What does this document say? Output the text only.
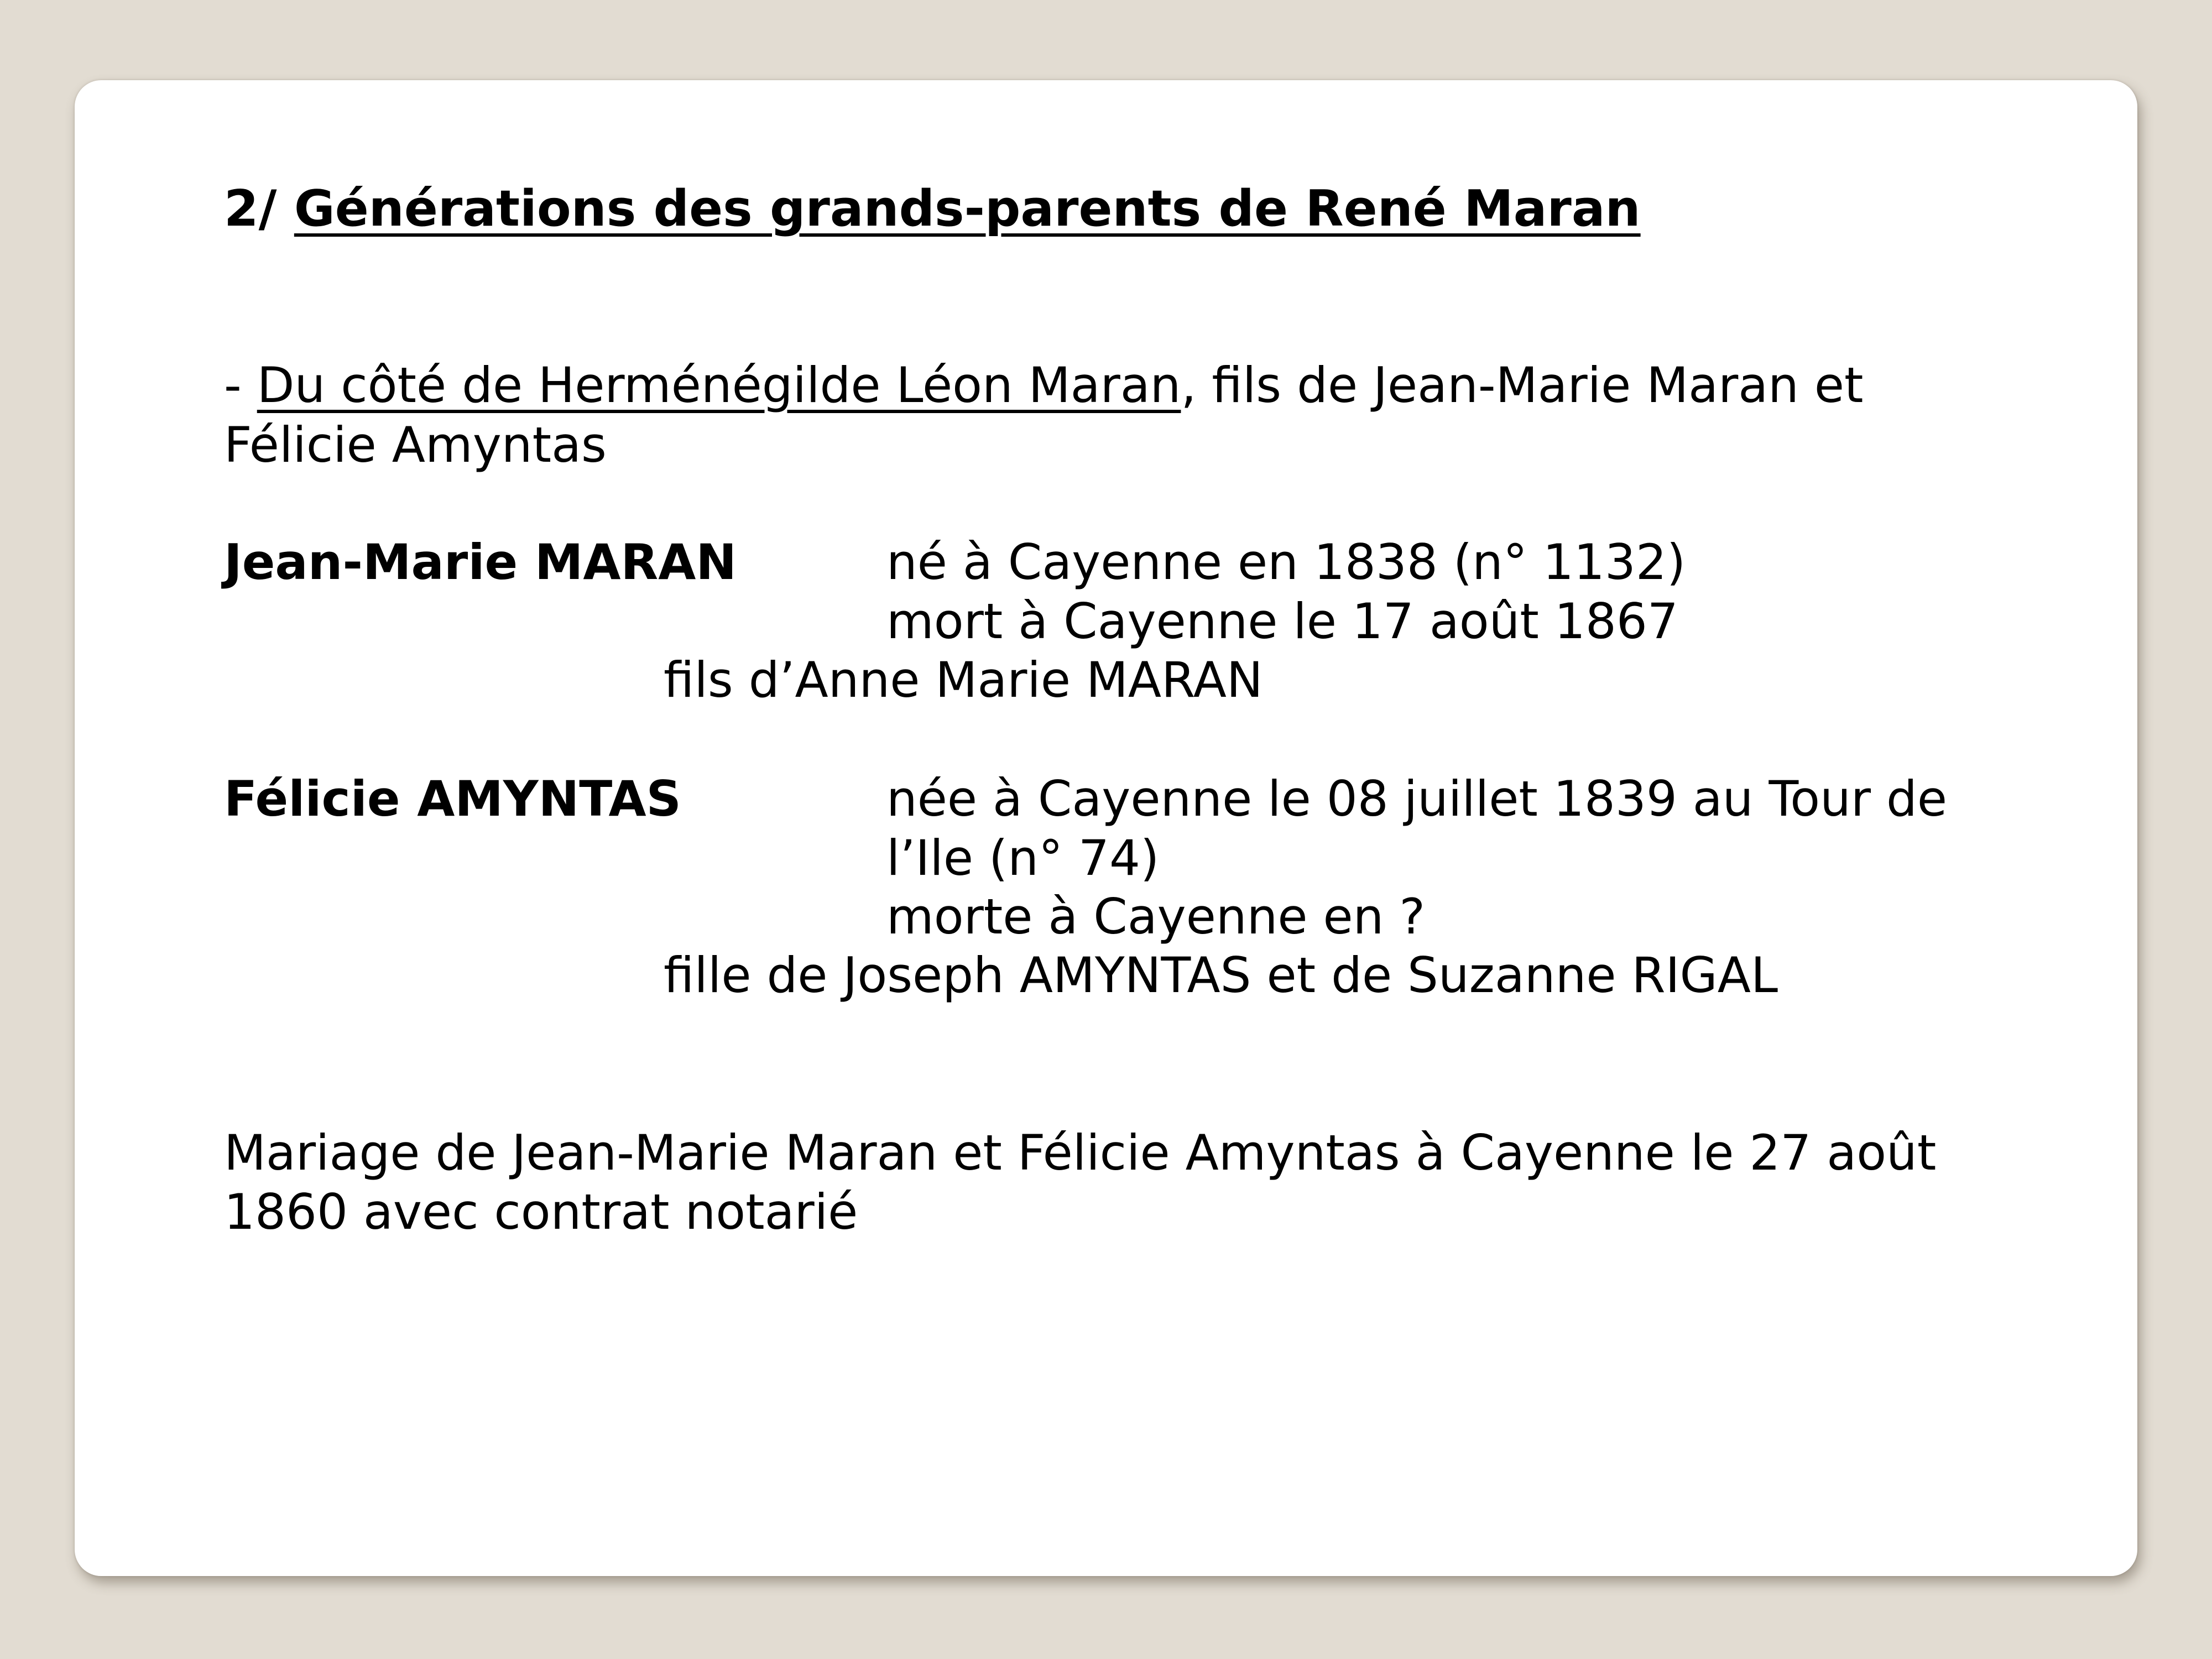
2/ Générations des grands-parents de René Maran
- Du côté de Herménégilde Léon Maran, fils de Jean-Marie Maran et
Félicie Amyntas
Jean-Marie MARAN	né à Cayenne en 1838 (n° 1132)
mort à Cayenne le 17 août 1867
fils d’Anne Marie MARAN
Félicie AMYNTAS	née à Cayenne le 08 juillet 1839 au Tour de
l’Ile (n° 74)
morte à Cayenne en ?
fille de Joseph AMYNTAS et de Suzanne RIGAL
Mariage de Jean-Marie Maran et Félicie Amyntas à Cayenne le 27 août
1860 avec contrat notarié
